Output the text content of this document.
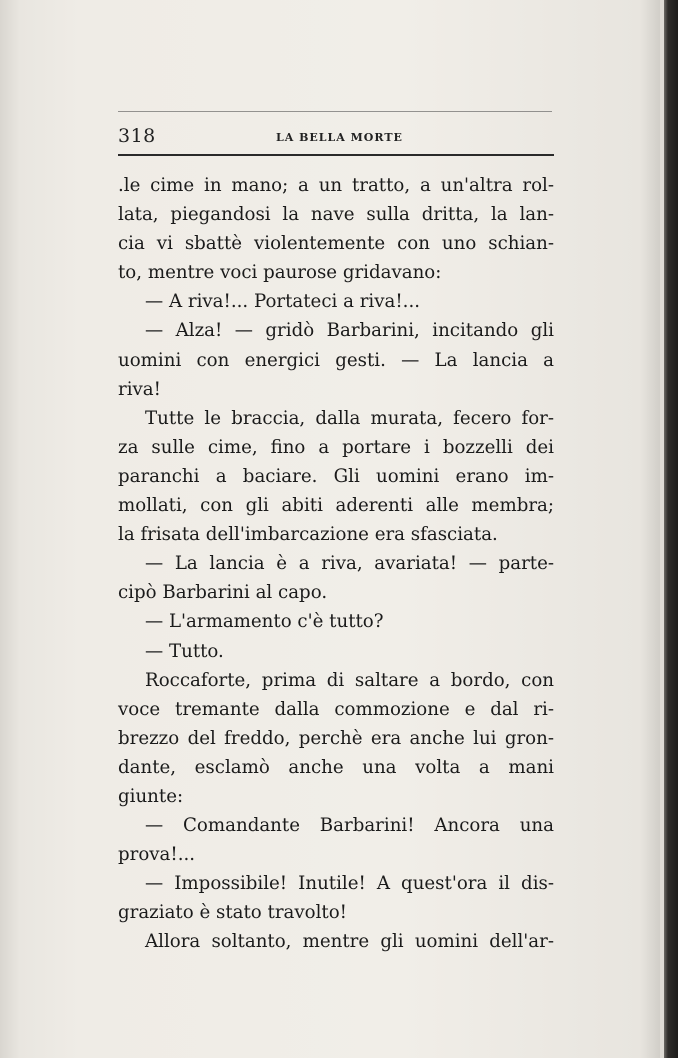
318	LA BELLA MORTE
.le cime in mano; a un tratto, a un'altra rol-
lata, piegandosi la nave sulla dritta, la lan-
cia vi sbattè violentemente con uno schian-
to, mentre voci paurose gridavano:
— A riva!... Portateci a riva!...
— Alza! — gridò Barbarini, incitando gli
uomini con energici gesti. — La lancia a
riva!
Tutte le braccia, dalla murata, fecero for-
za sulle cime, fino a portare i bozzelli dei
paranchi a baciare. Gli uomini erano im-
mollati, con gli abiti aderenti alle membra;
la frisata dell'imbarcazione era sfasciata.
— La lancia è a riva, avariata! — parte-
cipò Barbarini al capo.
— L'armamento c'è tutto?
— Tutto.
Roccaforte, prima di saltare a bordo, con
voce tremante dalla commozione e dal ri-
brezzo del freddo, perchè era anche lui gron-
dante, esclamò anche una volta a mani
giunte:
— Comandante Barbarini! Ancora una
prova!...
— Impossibile! Inutile! A quest'ora il dis-
graziato è stato travolto!
Allora soltanto, mentre gli uomini dell'ar-
